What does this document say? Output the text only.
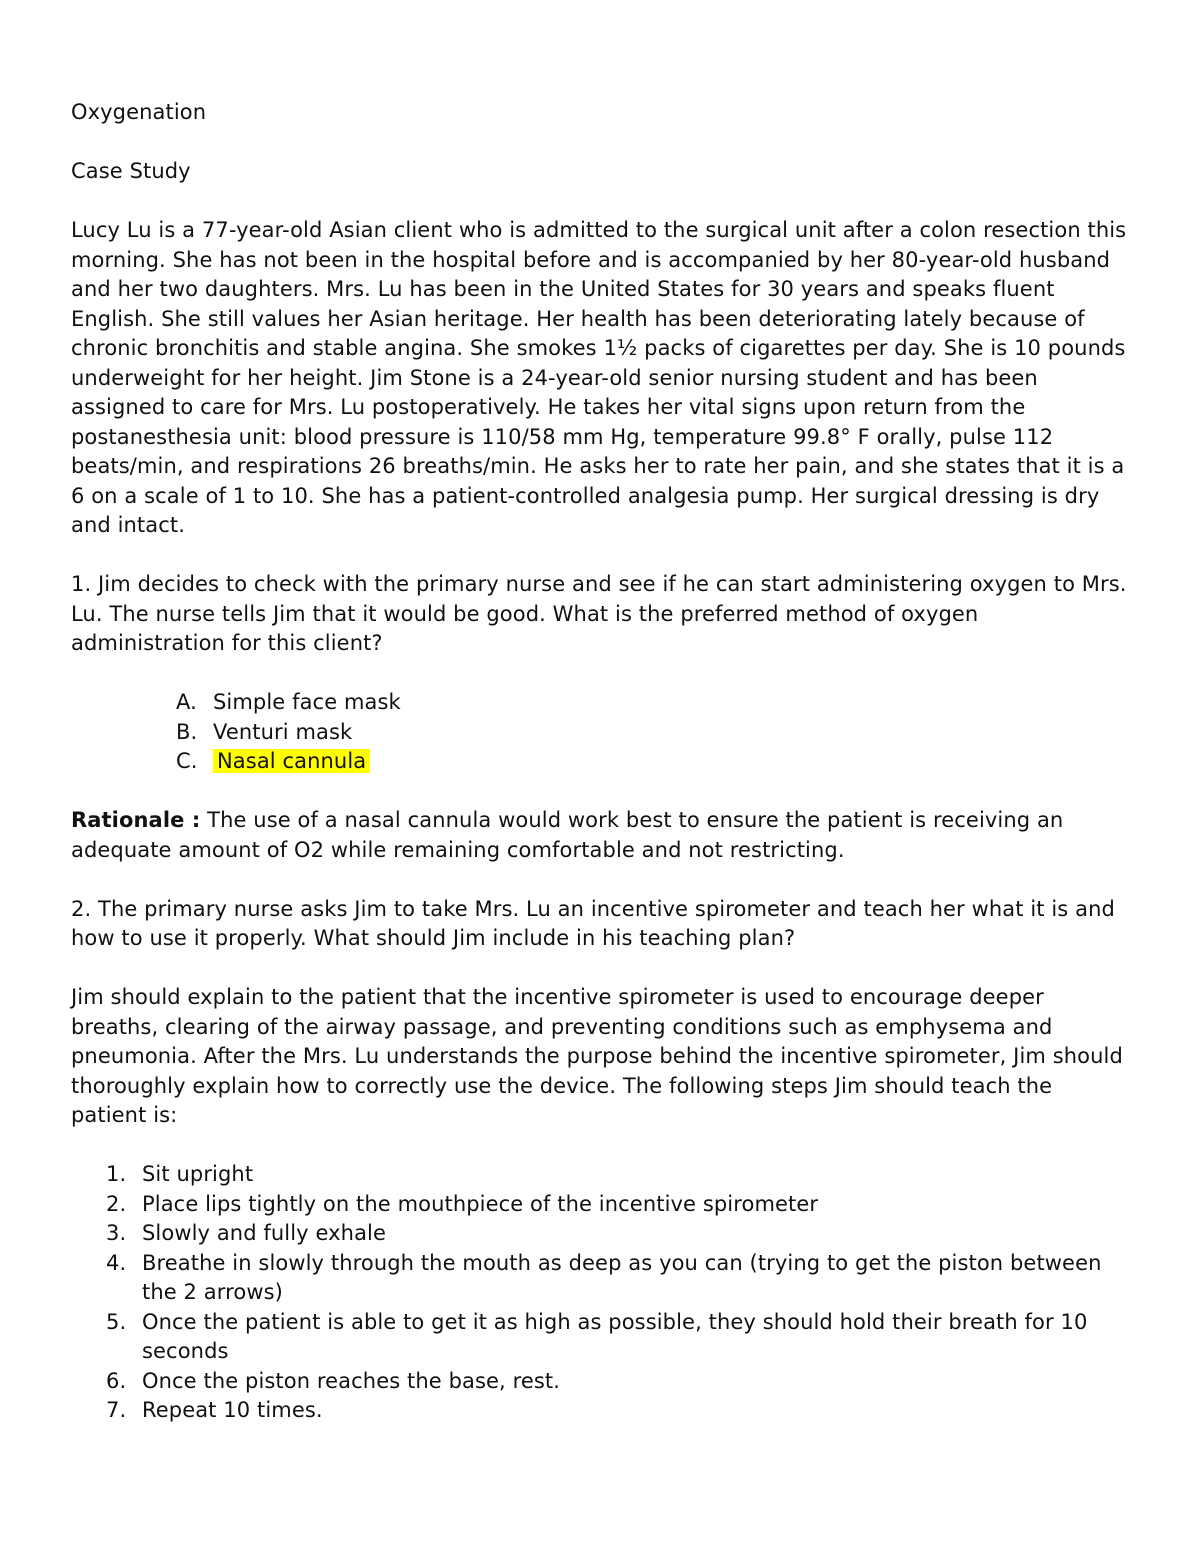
Oxygenation

Case Study

Lucy Lu is a 77-year-old Asian client who is admitted to the surgical unit after a colon resection this morning. She has not been in the hospital before and is accompanied by her 80-year-old husband and her two daughters. Mrs. Lu has been in the United States for 30 years and speaks fluent English. She still values her Asian heritage. Her health has been deteriorating lately because of chronic bronchitis and stable angina. She smokes 1½ packs of cigarettes per day. She is 10 pounds underweight for her height. Jim Stone is a 24-year-old senior nursing student and has been assigned to care for Mrs. Lu postoperatively. He takes her vital signs upon return from the postanesthesia unit: blood pressure is 110/58 mm Hg, temperature 99.8° F orally, pulse 112 beats/min, and respirations 26 breaths/min. He asks her to rate her pain, and she states that it is a 6 on a scale of 1 to 10. She has a patient-controlled analgesia pump. Her surgical dressing is dry and intact.

1. Jim decides to check with the primary nurse and see if he can start administering oxygen to Mrs. Lu. The nurse tells Jim that it would be good. What is the preferred method of oxygen administration for this client?

A. Simple face mask
B. Venturi mask
C. Nasal cannula

Rationale : The use of a nasal cannula would work best to ensure the patient is receiving an adequate amount of O2 while remaining comfortable and not restricting.

2. The primary nurse asks Jim to take Mrs. Lu an incentive spirometer and teach her what it is and how to use it properly. What should Jim include in his teaching plan?

Jim should explain to the patient that the incentive spirometer is used to encourage deeper breaths, clearing of the airway passage, and preventing conditions such as emphysema and pneumonia. After the Mrs. Lu understands the purpose behind the incentive spirometer, Jim should thoroughly explain how to correctly use the device. The following steps Jim should teach the patient is:

1. Sit upright
2. Place lips tightly on the mouthpiece of the incentive spirometer
3. Slowly and fully exhale
4. Breathe in slowly through the mouth as deep as you can (trying to get the piston between the 2 arrows)
5. Once the patient is able to get it as high as possible, they should hold their breath for 10 seconds
6. Once the piston reaches the base, rest.
7. Repeat 10 times.
